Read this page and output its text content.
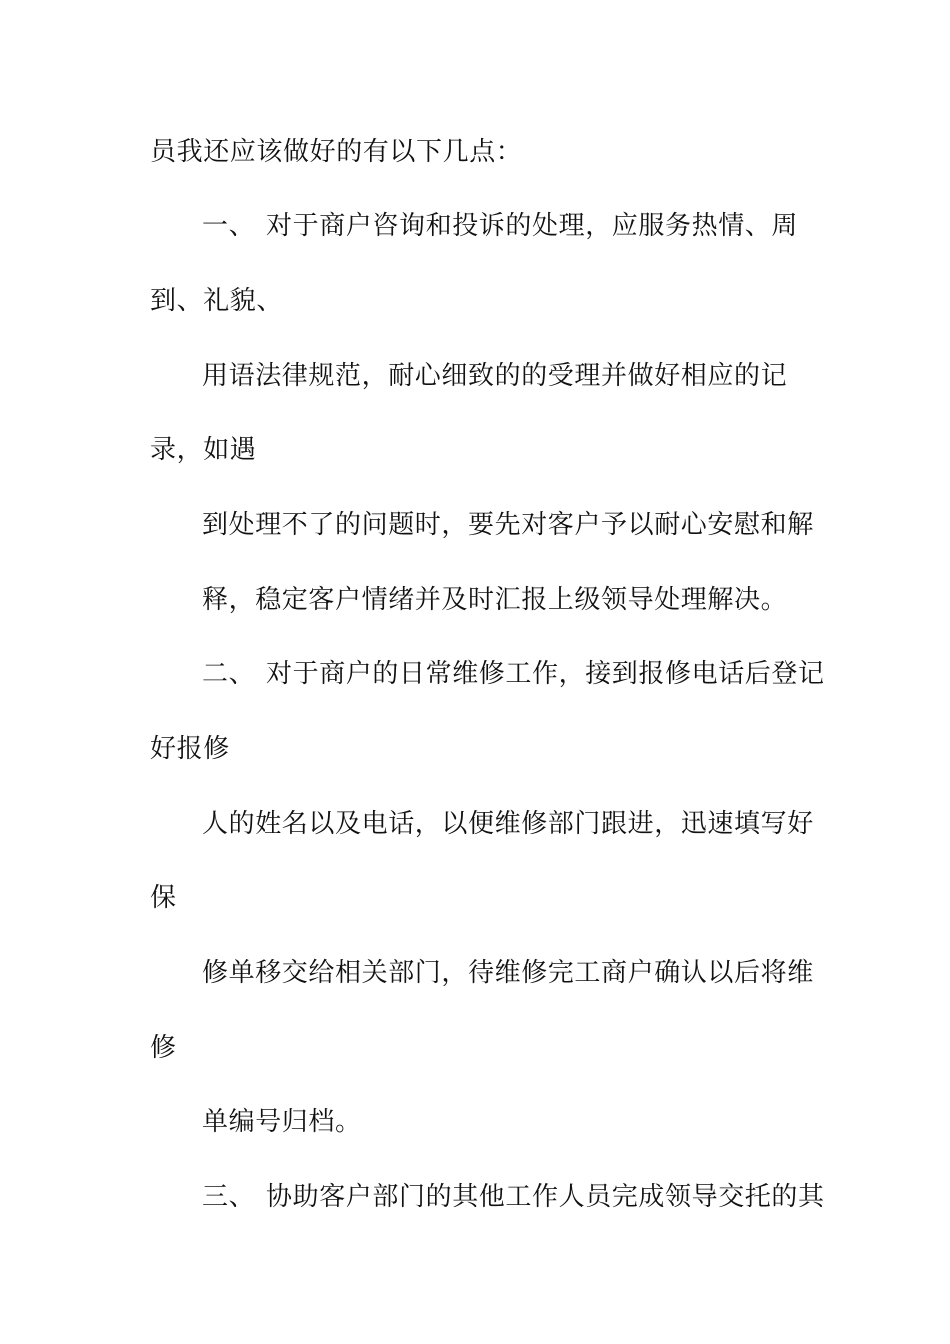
员我还应该做好的有以下几点：
一、 对于商户咨询和投诉的处理，应服务热情、周
到、礼貌、
用语法律规范，耐心细致的的受理并做好相应的记
录，如遇
到处理不了的问题时，要先对客户予以耐心安慰和解
释，稳定客户情绪并及时汇报上级领导处理解决。
二、 对于商户的日常维修工作，接到报修电话后登记
好报修
人的姓名以及电话，以便维修部门跟进，迅速填写好
保
修单移交给相关部门，待维修完工商户确认以后将维
修
单编号归档。
三、 协助客户部门的其他工作人员完成领导交托的其
